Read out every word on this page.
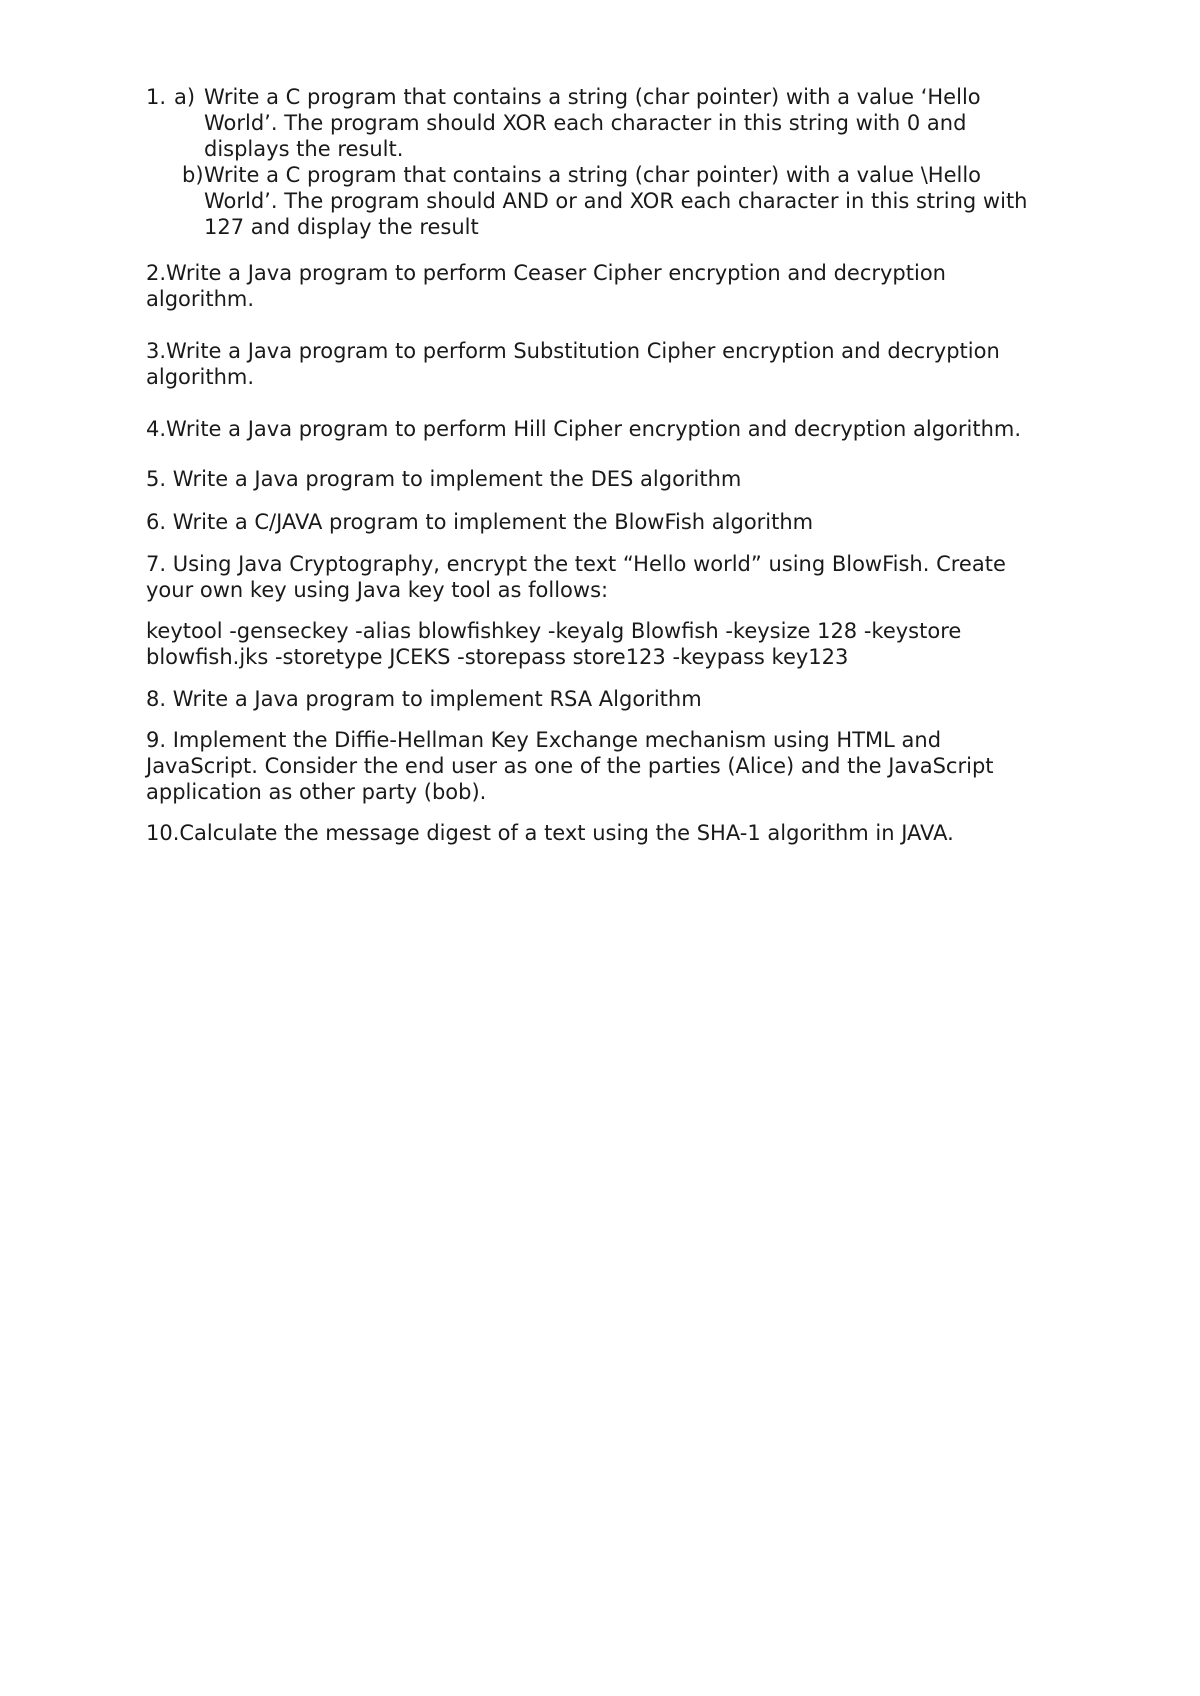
1. a) Write a C program that contains a string (char pointer) with a value ‘Hello
World’. The program should XOR each character in this string with 0 and
displays the result.
b) Write a C program that contains a string (char pointer) with a value \Hello
World’. The program should AND or and XOR each character in this string with
127 and display the result

2.Write a Java program to perform Ceaser Cipher encryption and decryption
algorithm.

3.Write a Java program to perform Substitution Cipher encryption and decryption
algorithm.

4.Write a Java program to perform Hill Cipher encryption and decryption algorithm.

5. Write a Java program to implement the DES algorithm

6. Write a C/JAVA program to implement the BlowFish algorithm

7. Using Java Cryptography, encrypt the text “Hello world” using BlowFish. Create
your own key using Java key tool as follows:

keytool -genseckey -alias blowfishkey -keyalg Blowfish -keysize 128 -keystore
blowfish.jks -storetype JCEKS -storepass store123 -keypass key123

8. Write a Java program to implement RSA Algorithm

9. Implement the Diffie-Hellman Key Exchange mechanism using HTML and
JavaScript. Consider the end user as one of the parties (Alice) and the JavaScript
application as other party (bob).

10.Calculate the message digest of a text using the SHA-1 algorithm in JAVA.
